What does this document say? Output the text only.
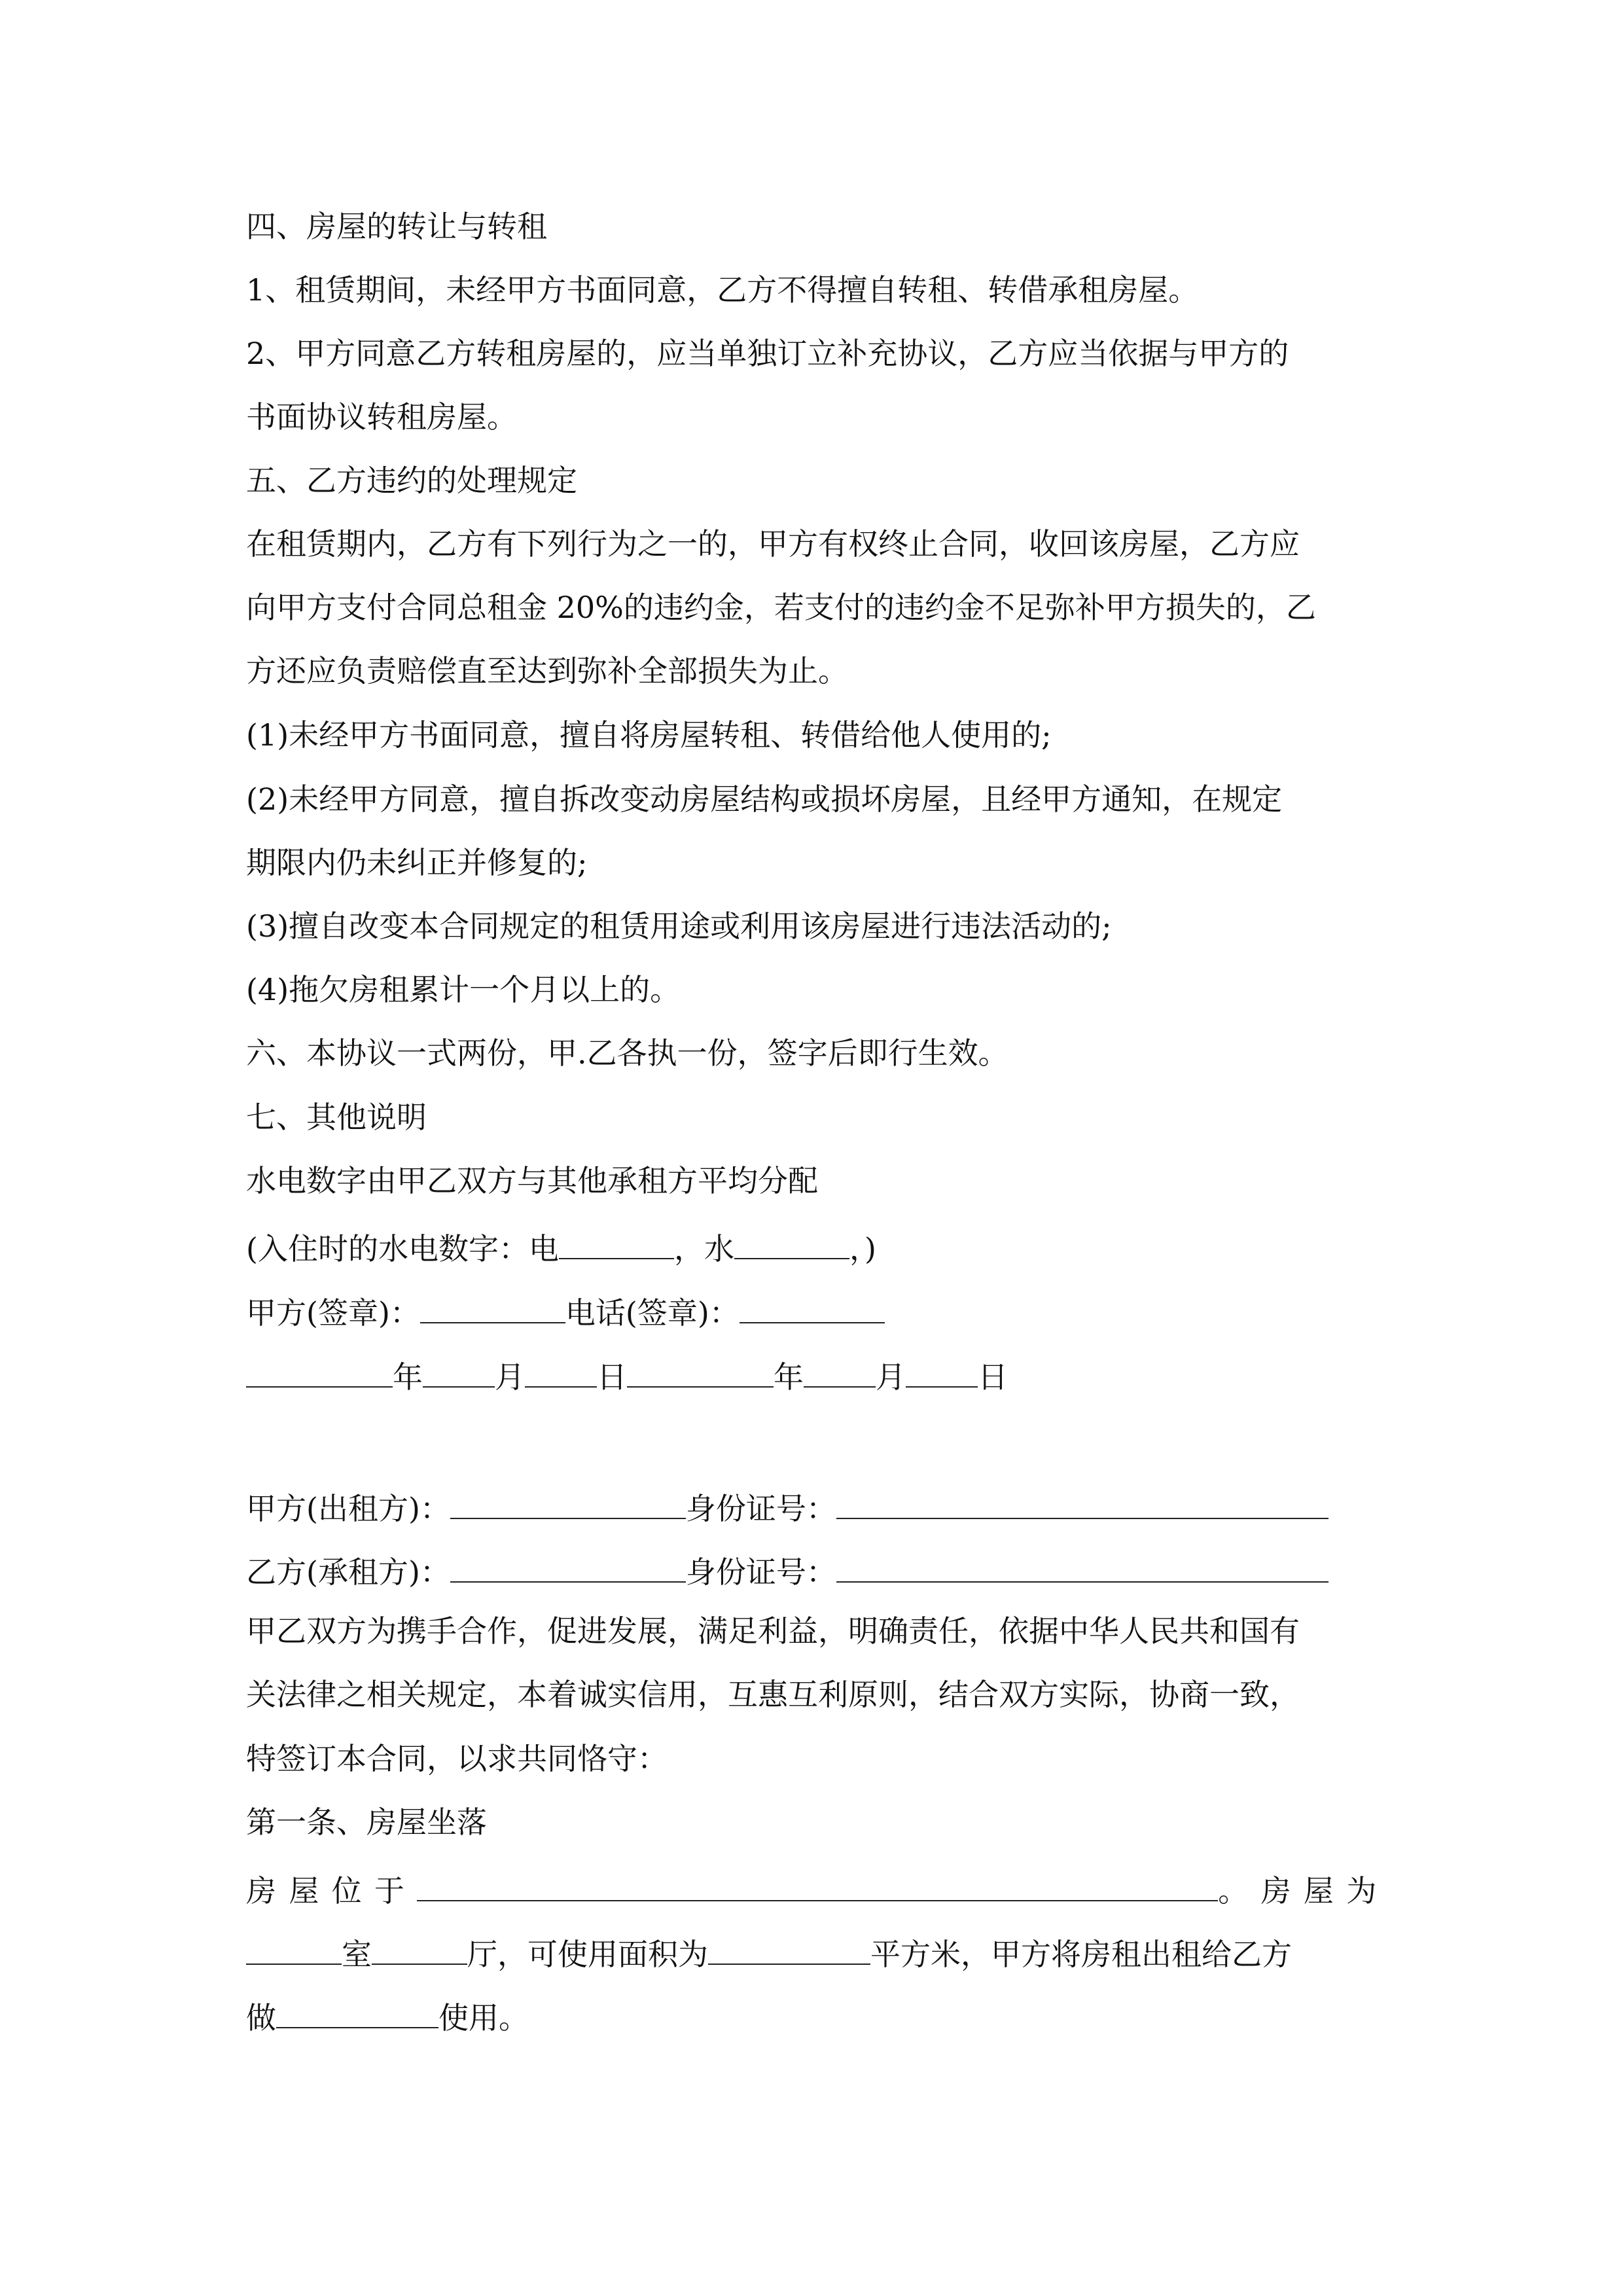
四、房屋的转让与转租
1、租赁期间，未经甲方书面同意，乙方不得擅自转租、转借承租房屋。
2、甲方同意乙方转租房屋的，应当单独订立补充协议，乙方应当依据与甲方的
书面协议转租房屋。
五、乙方违约的处理规定
在租赁期内，乙方有下列行为之一的，甲方有权终止合同，收回该房屋，乙方应
向甲方支付合同总租金 20%的违约金，若支付的违约金不足弥补甲方损失的，乙
方还应负责赔偿直至达到弥补全部损失为止。
(1)未经甲方书面同意，擅自将房屋转租、转借给他人使用的;
(2)未经甲方同意，擅自拆改变动房屋结构或损坏房屋，且经甲方通知，在规定
期限内仍未纠正并修复的;
(3)擅自改变本合同规定的租赁用途或利用该房屋进行违法活动的;
(4)拖欠房租累计一个月以上的。
六、本协议一式两份，甲.乙各执一份，签字后即行生效。
七、其他说明
水电数字由甲乙双方与其他承租方平均分配
(入住时的水电数字：电	，水	，)
甲方(签章)：	电话(签章)：
年 月 日	年 月 日
甲方(出租方)：	身份证号：
乙方(承租方)：	身份证号：
甲乙双方为携手合作，促进发展，满足利益，明确责任，依据中华人民共和国有
关法律之相关规定，本着诚实信用，互惠互利原则，结合双方实际，协商一致，
特签订本合同，以求共同恪守：
第一条、房屋坐落
房屋位于	。房屋为
室	厅，可使用面积为	平方米，甲方将房租出租给乙方
做	使用。
